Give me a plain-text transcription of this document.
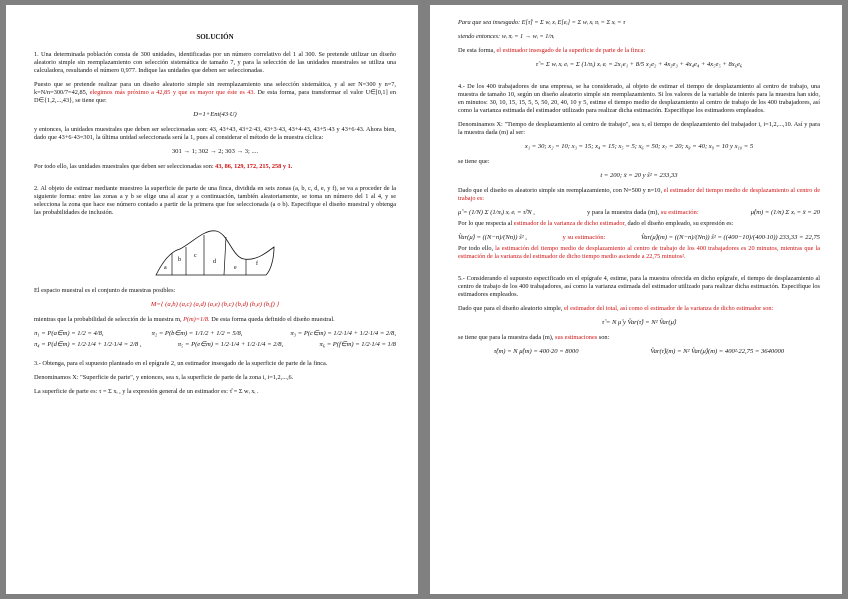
SOLUCIÓN

1. Una determinada población consta de 300 unidades, identificadas por un número correlativo del 1 al 300. Se pretende utilizar un diseño aleatorio simple sin reemplazamiento con selección sistemática de tamaño 7, y para la selección de las unidades muestrales se utiliza una calculadora, resultando el número 0,977. Indique las unidades que deben ser seleccionadas.

Puesto que se pretende realizar para un diseño aleatorio simple sin reemplazamiento una selección sistemática, y al ser N=300 y n=7, k=N/n=300/7=42,85, elegimos más próximo a 42,85 y que es mayor que éste es 43. De esta forma, para transformar el valor U∈[0,1] en D∈{1,2,...,43}, se tiene que:

D=1+Ent(43·U)

y entonces, la unidades muestrales que deben ser seleccionadas son: 43, 43+43, 43+2·43, 43+3·43, 43+4·43, 43+5·43 y 43+6·43. Ahora bien, dado que 43+6·43=301, la última unidad seleccionada será la 1, pues al considerar el método de la muestra cíclica:

301 → 1; 302 → 2; 303 → 3; ....

Por todo ello, las unidades muestrales que deben ser seleccionadas son: 43, 86, 129, 172, 215, 258 y 1.

2. Al objeto de estimar mediante muestreo la superficie de parte de una finca, dividida en seis zonas (a, b, c, d, e, y f), se va a proceder de la siguiente forma: entre las zonas a y b se elige una al azar y a continuación, también aleatoriamente, se toma un número del 1 al 4, y se selecciona la zona que hace ese número contado a partir de la primera que fue seleccionada (a o b). Especifique el diseño muestral y obtenga las probabilidades de inclusión.

a
b
c
d
e
f

El espacio muestral es el conjunto de muestras posibles:

M={ (a,b) (a,c) (a,d) (a,e) (b,c) (b,d) (b,e) (b,f) }

mientras que la probabilidad de selección de la muestra m, P(m)=1/8. De esta forma queda definido el diseño muestral.

π₁ = P(a∈m) = 1/2 = 4/8,	π₂ = P(b∈m) = 1/1/2 + 1/2 = 5/8,	π₃ = P(c∈m) = 1/2·1/4 + 1/2·1/4 = 2/8,
π₄ = P(d∈m) = 1/2·1/4 + 1/2·1/4 = 2/8 ,	π₅ = P(e∈m) = 1/2·1/4 + 1/2·1/4 = 2/8,	π₆ = P(f∈m) = 1/2·1/4 = 1/8

3.- Obtenga, para el supuesto planteado en el epígrafe 2, un estimador insesgado de la superficie de parte de la finca.

Denominamos X: "Superficie de parte", y entonces, sea xᵢ la superficie de parte de la zona i, i=1,2,...,6.

La superficie de parte es: τ = Σ xᵢ , y la expresión general de un estimador es: τ̂ = Σ wᵢ xᵢ .

Para que sea insesgado: E[τ̂] = Σ wᵢ xᵢ E[eᵢ] = Σ wᵢ xᵢ πᵢ = Σ xᵢ = τ

siendo entonces: wᵢ πᵢ = 1 → wᵢ = 1/πᵢ

De esta forma, el estimador insesgado de la superficie de parte de la finca:

τ̂ = Σ wᵢ xᵢ eᵢ = Σ (1/πᵢ) xᵢ eᵢ = 2x₁e₁ + 8/5 x₂e₂ + 4x₃e₃ + 4x₄e₄ + 4x₅e₅ + 8x₆e₆

4.- De los 400 trabajadores de una empresa, se ha considerado, al objeto de estimar el tiempo de desplazamiento al centro de trabajo, una muestra de tamaño 10, según un diseño aleatorio simple sin reemplazamiento. Si los valores de la variable de interés para la muestra han sido, en minutos: 30, 10, 15, 15, 5, 5, 50, 20, 40, 10 y 5, estime el tiempo medio de desplazamiento al centro de trabajo de los 400 trabajadores, así como la varianza estimada del estimador utilizado para realizar dicha estimación. Especifique los estimadores empleados.

Denominamos X: "Tiempo de desplazamiento al centro de trabajo", sea xᵢ el tiempo de desplazamiento del trabajador i, i=1,2,...,10. Así y para la muestra dada (m) al ser:

x₁ = 30; x₂ = 10; x₃ = 15; x₄ = 15; x₅ = 5; x₆ = 50; x₇ = 20; x₈ = 40; x₉ = 10 y x₁₀ = 5

se tiene que:

t = 200; x̄ = 20 y ŝ² = 233,33

Dado que el diseño es aleatorio simple sin reemplazamiento, con N=500 y n=10, el estimador del tiempo medio de desplazamiento al centro de trabajo es:

μ̂ = (1/N) Σ (1/πᵢ) xᵢ eᵢ = τ̂/N ,	y para la muestra dada (m), su estimación:	μ̂(m) = (1/n) Σ xᵢ = x̄ = 20

Por lo que respecta al estimador de la varianza de dicho estimador, dado el diseño empleado, su expresión es:

V̂ar(μ̂) = ((N−n)/(Nn)) ŝ² ,	y su estimación:	V̂ar(μ̂)(m) = ((N−n)/(Nn)) ŝ² = ((400−10)/(400·10)) 233,33 = 22,75

Por todo ello, la estimación del tiempo medio de desplazamiento al centro de trabajo de los 400 trabajadores es 20 minutos, mientras que la estimación de la varianza del estimador de dicho tiempo medio asciende a 22,75 minutos².

5.- Considerando el supuesto especificado en el epígrafe 4, estime, para la muestra ofrecida en dicho epígrafe, el tiempo de desplazamiento al centro de trabajo de los 400 trabajadores, así como la varianza estimada del estimador utilizado para realizar dicha estimación. Especifique los estimadores empleados.

Dado que para el diseño aleatorio simple, el estimador del total, así como el estimador de la varianza de dicho estimador son:

τ̂ = N μ̂ y V̂ar(τ̂) = N² V̂ar(μ̂)

se tiene que para la muestra dada (m), sus estimaciones son:

τ̂(m) = N μ̂(m) = 400·20 = 8000	V̂ar(τ̂)(m) = N² V̂ar(μ̂)(m) = 400²·22,75 = 3640000
